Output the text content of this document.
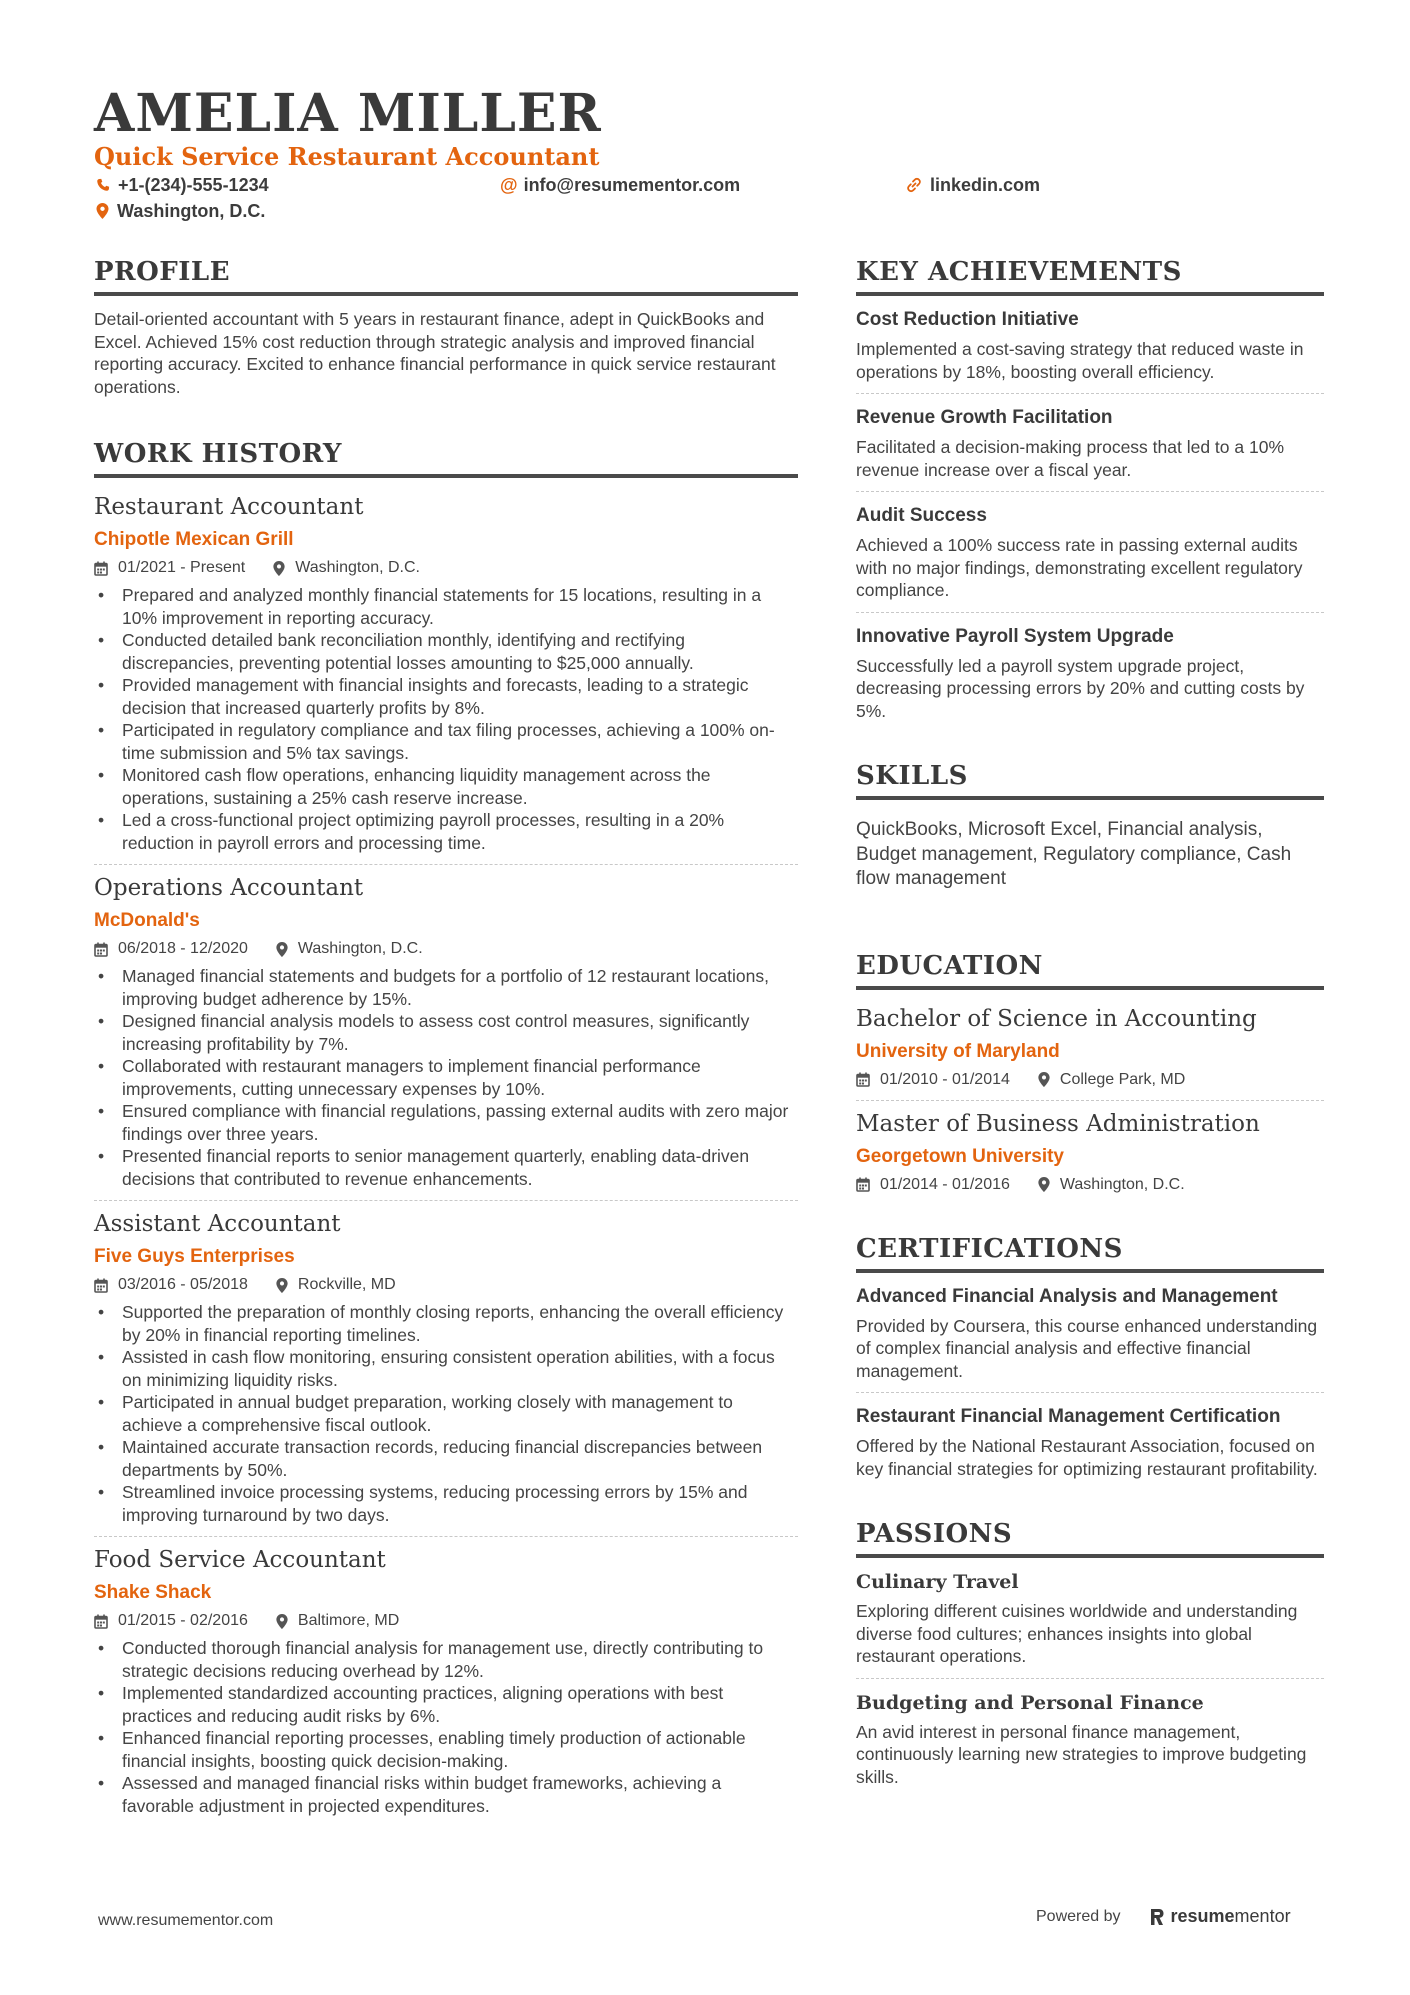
AMELIA MILLER
Quick Service Restaurant Accountant
+1-(234)-555-1234	@ info@resumementor.com	linkedin.com
Washington, D.C.
PROFILE
Detail-oriented accountant with 5 years in restaurant finance, adept in QuickBooks and Excel. Achieved 15% cost reduction through strategic analysis and improved financial reporting accuracy. Excited to enhance financial performance in quick service restaurant operations.
WORK HISTORY
Restaurant Accountant
Chipotle Mexican Grill
01/2021 - Present	Washington, D.C.
• Prepared and analyzed monthly financial statements for 15 locations, resulting in a 10% improvement in reporting accuracy.
• Conducted detailed bank reconciliation monthly, identifying and rectifying discrepancies, preventing potential losses amounting to $25,000 annually.
• Provided management with financial insights and forecasts, leading to a strategic decision that increased quarterly profits by 8%.
• Participated in regulatory compliance and tax filing processes, achieving a 100% on-time submission and 5% tax savings.
• Monitored cash flow operations, enhancing liquidity management across the operations, sustaining a 25% cash reserve increase.
• Led a cross-functional project optimizing payroll processes, resulting in a 20% reduction in payroll errors and processing time.
Operations Accountant
McDonald's
06/2018 - 12/2020	Washington, D.C.
• Managed financial statements and budgets for a portfolio of 12 restaurant locations, improving budget adherence by 15%.
• Designed financial analysis models to assess cost control measures, significantly increasing profitability by 7%.
• Collaborated with restaurant managers to implement financial performance improvements, cutting unnecessary expenses by 10%.
• Ensured compliance with financial regulations, passing external audits with zero major findings over three years.
• Presented financial reports to senior management quarterly, enabling data-driven decisions that contributed to revenue enhancements.
Assistant Accountant
Five Guys Enterprises
03/2016 - 05/2018	Rockville, MD
• Supported the preparation of monthly closing reports, enhancing the overall efficiency by 20% in financial reporting timelines.
• Assisted in cash flow monitoring, ensuring consistent operation abilities, with a focus on minimizing liquidity risks.
• Participated in annual budget preparation, working closely with management to achieve a comprehensive fiscal outlook.
• Maintained accurate transaction records, reducing financial discrepancies between departments by 50%.
• Streamlined invoice processing systems, reducing processing errors by 15% and improving turnaround by two days.
Food Service Accountant
Shake Shack
01/2015 - 02/2016	Baltimore, MD
• Conducted thorough financial analysis for management use, directly contributing to strategic decisions reducing overhead by 12%.
• Implemented standardized accounting practices, aligning operations with best practices and reducing audit risks by 6%.
• Enhanced financial reporting processes, enabling timely production of actionable financial insights, boosting quick decision-making.
• Assessed and managed financial risks within budget frameworks, achieving a favorable adjustment in projected expenditures.
KEY ACHIEVEMENTS
Cost Reduction Initiative
Implemented a cost-saving strategy that reduced waste in operations by 18%, boosting overall efficiency.
Revenue Growth Facilitation
Facilitated a decision-making process that led to a 10% revenue increase over a fiscal year.
Audit Success
Achieved a 100% success rate in passing external audits with no major findings, demonstrating excellent regulatory compliance.
Innovative Payroll System Upgrade
Successfully led a payroll system upgrade project, decreasing processing errors by 20% and cutting costs by 5%.
SKILLS
QuickBooks, Microsoft Excel, Financial analysis, Budget management, Regulatory compliance, Cash flow management
EDUCATION
Bachelor of Science in Accounting
University of Maryland
01/2010 - 01/2014	College Park, MD
Master of Business Administration
Georgetown University
01/2014 - 01/2016	Washington, D.C.
CERTIFICATIONS
Advanced Financial Analysis and Management
Provided by Coursera, this course enhanced understanding of complex financial analysis and effective financial management.
Restaurant Financial Management Certification
Offered by the National Restaurant Association, focused on key financial strategies for optimizing restaurant profitability.
PASSIONS
Culinary Travel
Exploring different cuisines worldwide and understanding diverse food cultures; enhances insights into global restaurant operations.
Budgeting and Personal Finance
An avid interest in personal finance management, continuously learning new strategies to improve budgeting skills.
www.resumementor.com	Powered by	resume mentor
